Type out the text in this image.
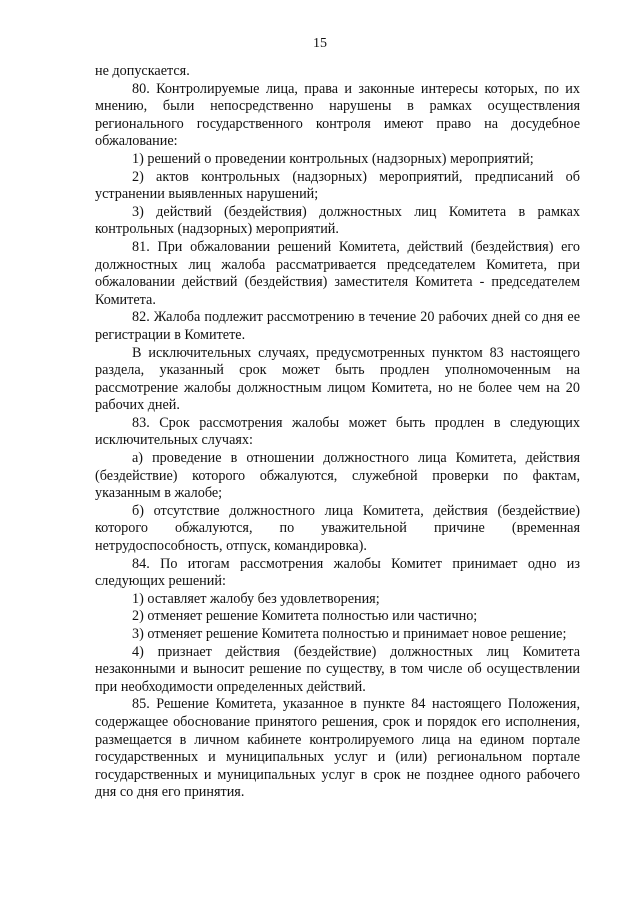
15

не допускается.

80. Контролируемые лица, права и законные интересы которых, по их мнению, были непосредственно нарушены в рамках осуществления регионального государственного контроля имеют право на досудебное обжалование:

1) решений о проведении контрольных (надзорных) мероприятий;

2) актов контрольных (надзорных) мероприятий, предписаний об устранении выявленных нарушений;

3) действий (бездействия) должностных лиц Комитета в рамках контрольных (надзорных) мероприятий.

81. При обжаловании решений Комитета, действий (бездействия) его должностных лиц жалоба рассматривается председателем Комитета, при обжаловании действий (бездействия) заместителя Комитета - председателем Комитета.

82. Жалоба подлежит рассмотрению в течение 20 рабочих дней со дня ее регистрации в Комитете.

В исключительных случаях, предусмотренных пунктом 83 настоящего раздела, указанный срок может быть продлен уполномоченным на рассмотрение жалобы должностным лицом Комитета, но не более чем на 20 рабочих дней.

83. Срок рассмотрения жалобы может быть продлен в следующих исключительных случаях:

а) проведение в отношении должностного лица Комитета, действия (бездействие) которого обжалуются, служебной проверки по фактам, указанным в жалобе;

б) отсутствие должностного лица Комитета, действия (бездействие) которого обжалуются, по уважительной причине (временная нетрудоспособность, отпуск, командировка).

84. По итогам рассмотрения жалобы Комитет принимает одно из следующих решений:

1) оставляет жалобу без удовлетворения;

2) отменяет решение Комитета полностью или частично;

3) отменяет решение Комитета полностью и принимает новое решение;

4) признает действия (бездействие) должностных лиц Комитета незаконными и выносит решение по существу, в том числе об осуществлении при необходимости определенных действий.

85. Решение Комитета, указанное в пункте 84 настоящего Положения, содержащее обоснование принятого решения, срок и порядок его исполнения, размещается в личном кабинете контролируемого лица на едином портале государственных и муниципальных услуг и (или) региональном портале государственных и муниципальных услуг в срок не позднее одного рабочего дня со дня его принятия.
